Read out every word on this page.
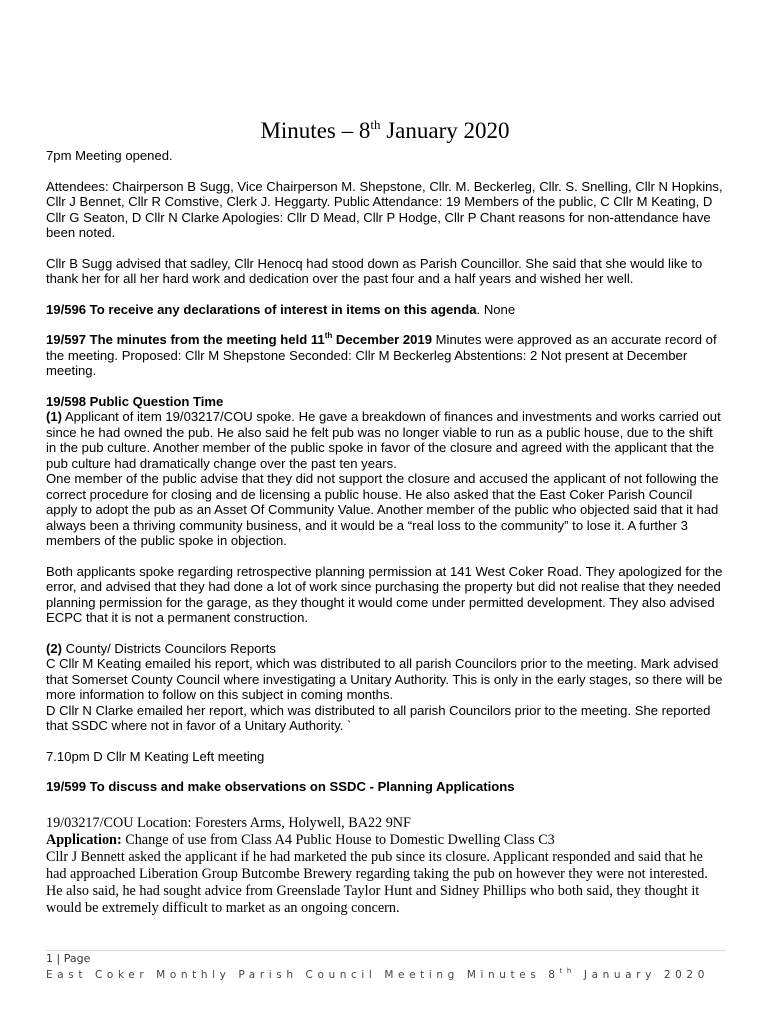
Minutes – 8th January 2020

7pm Meeting opened.

Attendees: Chairperson B Sugg, Vice Chairperson M. Shepstone, Cllr. M. Beckerleg, Cllr. S. Snelling, Cllr N Hopkins, Cllr J Bennet, Cllr R Comstive, Clerk J. Heggarty. Public Attendance: 19 Members of the public, C Cllr M Keating, D Cllr G Seaton, D Cllr N Clarke Apologies: Cllr D Mead, Cllr P Hodge, Cllr P Chant reasons for non-attendance have been noted.

Cllr B Sugg advised that sadley, Cllr Henocq had stood down as Parish Councillor. She said that she would like to thank her for all her hard work and dedication over the past four and a half years and wished her well.

19/596 To receive any declarations of interest in items on this agenda. None

19/597 The minutes from the meeting held 11th December 2019 Minutes were approved as an accurate record of the meeting. Proposed: Cllr M Shepstone Seconded: Cllr M Beckerleg Abstentions: 2 Not present at December meeting.

19/598 Public Question Time
(1) Applicant of item 19/03217/COU spoke. He gave a breakdown of finances and investments and works carried out since he had owned the pub. He also said he felt pub was no longer viable to run as a public house, due to the shift in the pub culture. Another member of the public spoke in favor of the closure and agreed with the applicant that the pub culture had dramatically change over the past ten years.
One member of the public advise that they did not support the closure and accused the applicant of not following the correct procedure for closing and de licensing a public house. He also asked that the East Coker Parish Council apply to adopt the pub as an Asset Of Community Value. Another member of the public who objected said that it had always been a thriving community business, and it would be a “real loss to the community” to lose it. A further 3 members of the public spoke in objection.

Both applicants spoke regarding retrospective planning permission at 141 West Coker Road. They apologized for the error, and advised that they had done a lot of work since purchasing the property but did not realise that they needed planning permission for the garage, as they thought it would come under permitted development. They also advised ECPC that it is not a permanent construction.

(2) County/ Districts Councilors Reports
C Cllr M Keating emailed his report, which was distributed to all parish Councilors prior to the meeting. Mark advised that Somerset County Council where investigating a Unitary Authority. This is only in the early stages, so there will be more information to follow on this subject in coming months.
D Cllr N Clarke emailed her report, which was distributed to all parish Councilors prior to the meeting. She reported that SSDC where not in favor of a Unitary Authority. `

7.10pm D Cllr M Keating Left meeting

19/599 To discuss and make observations on SSDC - Planning Applications

19/03217/COU Location: Foresters Arms, Holywell, BA22 9NF
Application: Change of use from Class A4 Public House to Domestic Dwelling Class C3
Cllr J Bennett asked the applicant if he had marketed the pub since its closure. Applicant responded and said that he had approached Liberation Group Butcombe Brewery regarding taking the pub on however they were not interested. He also said, he had sought advice from Greenslade Taylor Hunt and Sidney Phillips who both said, they thought it would be extremely difficult to market as an ongoing concern.
1 | Page
East Coker Monthly Parish Council Meeting Minutes 8th January 2020
